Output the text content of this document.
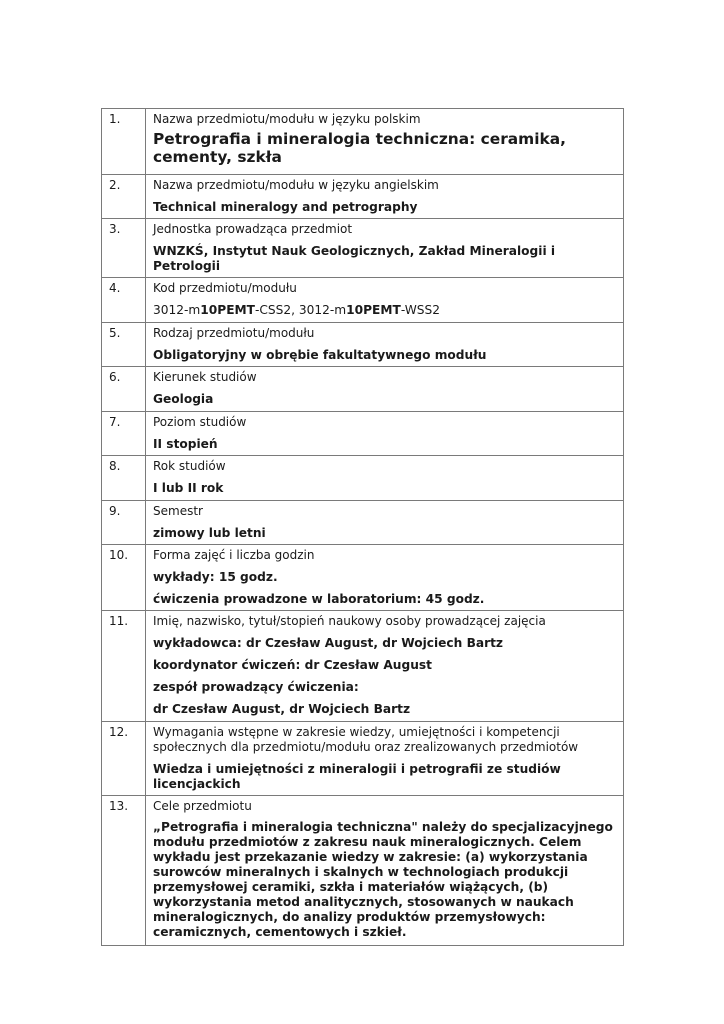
1.	Nazwa przedmiotu/modułu w języku polskim
Petrografia i mineralogia techniczna: ceramika, cementy, szkła

2.	Nazwa przedmiotu/modułu w języku angielskim
Technical mineralogy and petrography

3.	Jednostka prowadząca przedmiot
WNZKŚ, Instytut Nauk Geologicznych, Zakład Mineralogii i Petrologii

4.	Kod przedmiotu/modułu
3012-m10PEMT-CSS2, 3012-m10PEMT-WSS2

5.	Rodzaj przedmiotu/modułu
Obligatoryjny w obrębie fakultatywnego modułu

6.	Kierunek studiów
Geologia

7.	Poziom studiów
II stopień

8.	Rok studiów
I lub II rok

9.	Semestr
zimowy lub letni

10.	Forma zajęć i liczba godzin
wykłady: 15 godz.
ćwiczenia prowadzone w laboratorium: 45 godz.

11.	Imię, nazwisko, tytuł/stopień naukowy osoby prowadzącej zajęcia
wykładowca: dr Czesław August, dr Wojciech Bartz
koordynator ćwiczeń: dr Czesław August
zespół prowadzący ćwiczenia:
dr Czesław August, dr Wojciech Bartz

12.	Wymagania wstępne w zakresie wiedzy, umiejętności i kompetencji społecznych dla przedmiotu/modułu oraz zrealizowanych przedmiotów
Wiedza i umiejętności z mineralogii i petrografii ze studiów licencjackich

13.	Cele przedmiotu
„Petrografia i mineralogia techniczna" należy do specjalizacyjnego modułu przedmiotów z zakresu nauk mineralogicznych. Celem wykładu jest przekazanie wiedzy w zakresie: (a) wykorzystania surowców mineralnych i skalnych w technologiach produkcji przemysłowej ceramiki, szkła i materiałów wiążących, (b) wykorzystania metod analitycznych, stosowanych w naukach mineralogicznych, do analizy produktów przemysłowych: ceramicznych, cementowych i szkieł.
